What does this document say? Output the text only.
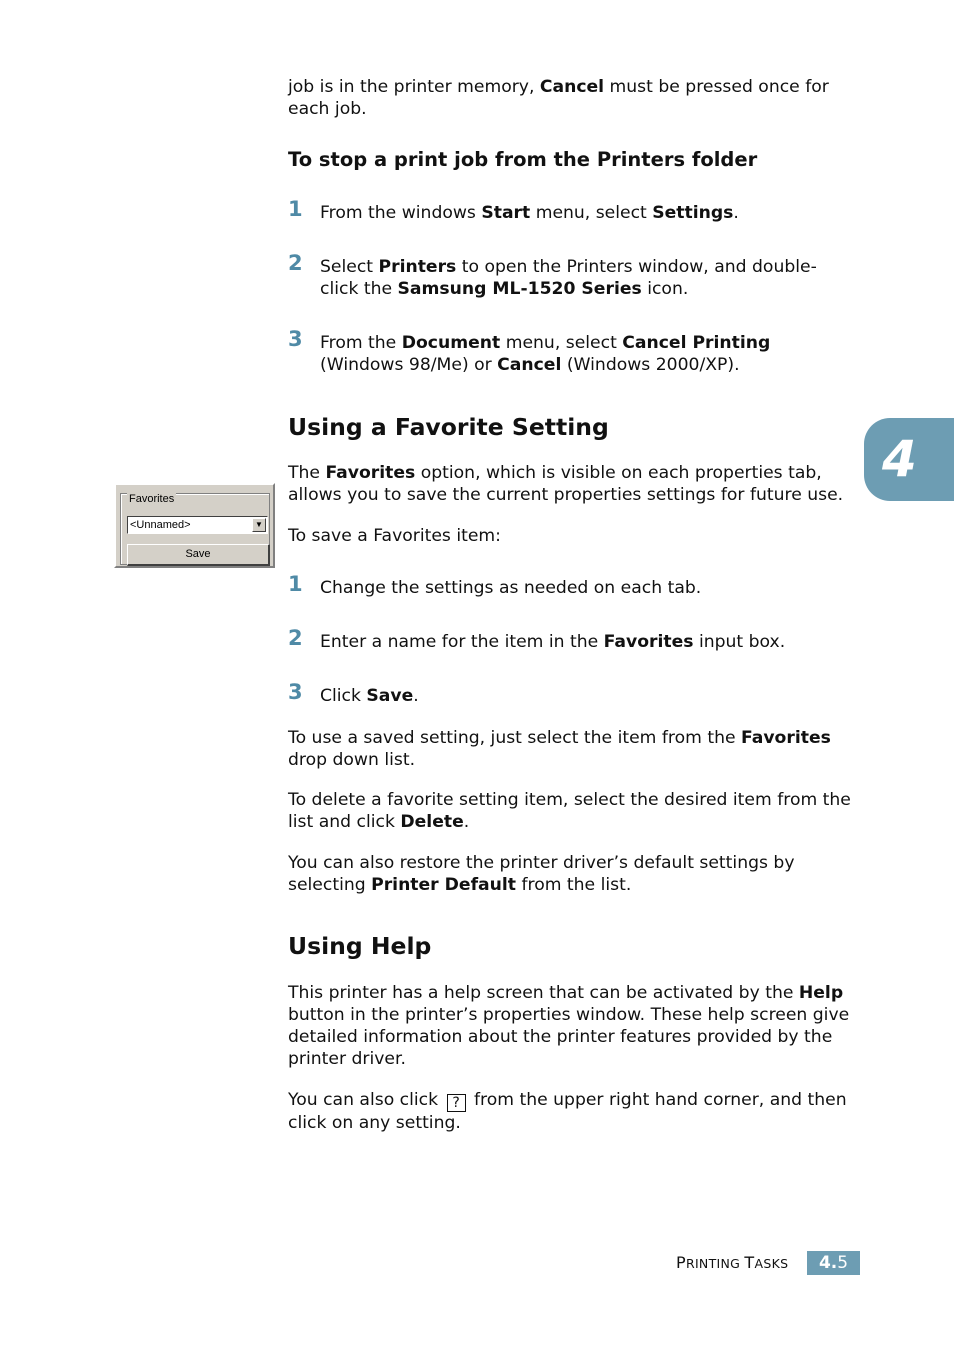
job is in the printer memory, Cancel must be pressed once for each job.

To stop a print job from the Printers folder
1 From the windows Start menu, select Settings.

2 Select Printers to open the Printers window, and double-click the Samsung ML-1520 Series icon.

3 From the Document menu, select Cancel Printing (Windows 98/Me) or Cancel (Windows 2000/XP).

Using a Favorite Setting

The Favorites option, which is visible on each properties tab, allows you to save the current properties settings for future use.

To save a Favorites item:

1 Change the settings as needed on each tab.

2 Enter a name for the item in the Favorites input box.

3 Click Save.

To use a saved setting, just select the item from the Favorites drop down list.

To delete a favorite setting item, select the desired item from the list and click Delete.

You can also restore the printer driver’s default settings by selecting Printer Default from the list.

Favorites
<Unnamed>	▼
Save
Using Help

This printer has a help screen that can be activated by the Help button in the printer’s properties window. These help screen give detailed information about the printer features provided by the printer driver.

You can also click ? from the upper right hand corner, and then click on any setting.

4
PRINTING TASKS	4.5
